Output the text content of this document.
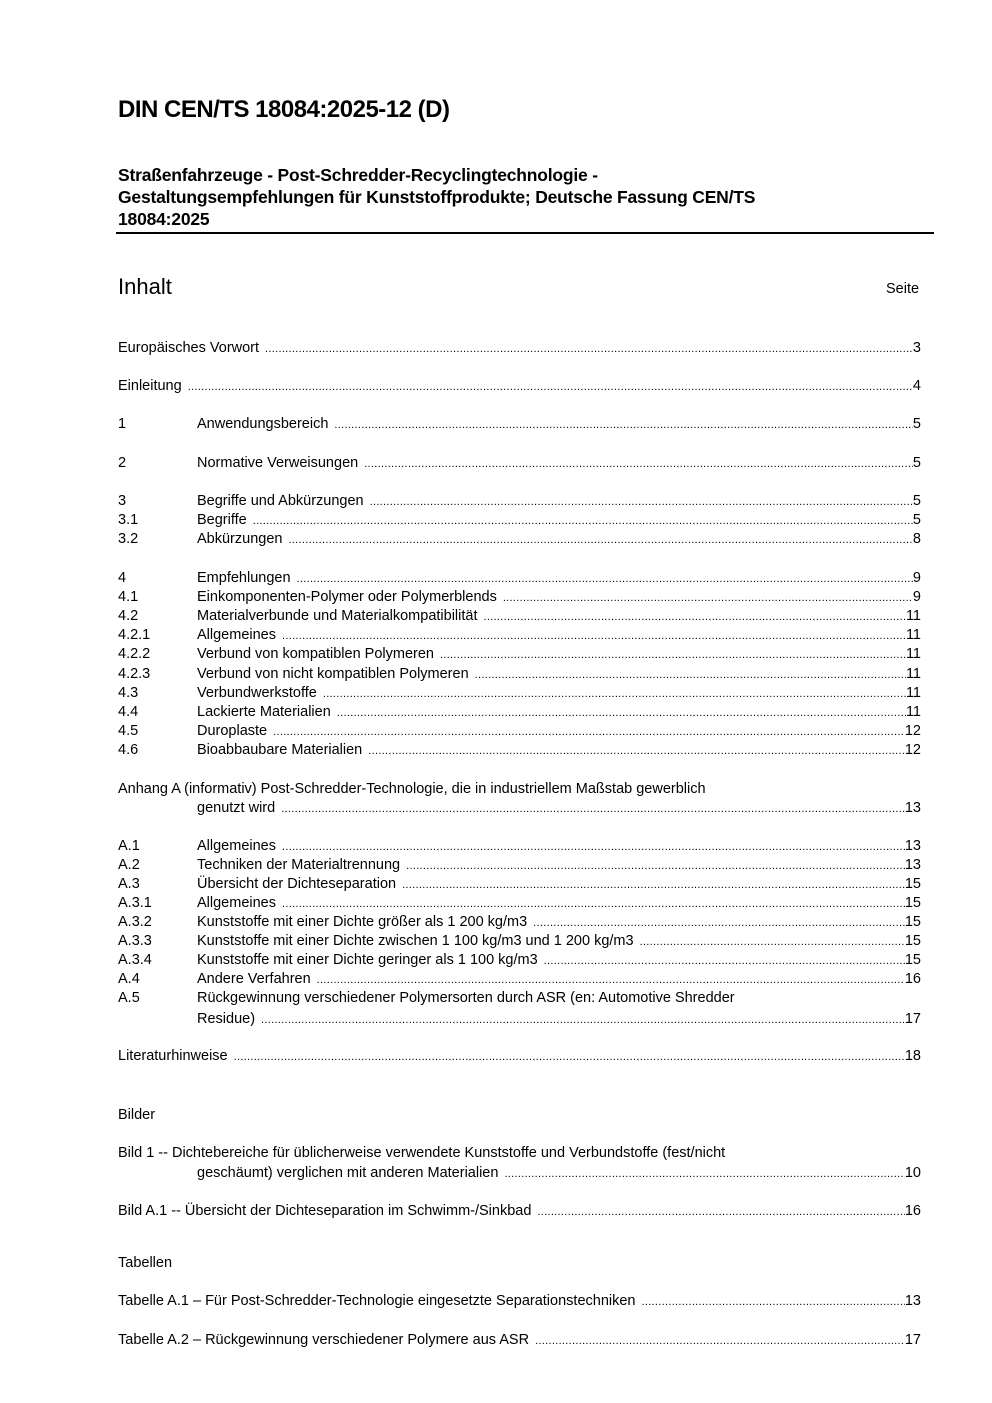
DIN CEN/TS 18084:2025-12 (D)
Straßenfahrzeuge - Post-Schredder-Recyclingtechnologie -
Gestaltungsempfehlungen für Kunststoffprodukte; Deutsche Fassung CEN/TS
18084:2025
Inhalt	Seite
Europäisches Vorwort .....	3
Einleitung .....	4
1	Anwendungsbereich .....	5
2	Normative Verweisungen .....	5
3	Begriffe und Abkürzungen .....	5
3.1	Begriffe .....	5
3.2	Abkürzungen .....	8
4	Empfehlungen .....	9
4.1	Einkomponenten-Polymer oder Polymerblends .....	9
4.2	Materialverbunde und Materialkompatibilität .....	11
4.2.1	Allgemeines .....	11
4.2.2	Verbund von kompatiblen Polymeren .....	11
4.2.3	Verbund von nicht kompatiblen Polymeren .....	11
4.3	Verbundwerkstoffe .....	11
4.4	Lackierte Materialien .....	11
4.5	Duroplaste .....	12
4.6	Bioabbaubare Materialien .....	12
Anhang A (informativ) Post-Schredder-Technologie, die in industriellem Maßstab gewerblich
genutzt wird .....	13
A.1	Allgemeines .....	13
A.2	Techniken der Materialtrennung .....	13
A.3	Übersicht der Dichteseparation .....	15
A.3.1	Allgemeines .....	15
A.3.2	Kunststoffe mit einer Dichte größer als 1 200 kg/m3 .....	15
A.3.3	Kunststoffe mit einer Dichte zwischen 1 100 kg/m3 und 1 200 kg/m3 .....	15
A.3.4	Kunststoffe mit einer Dichte geringer als 1 100 kg/m3 .....	15
A.4	Andere Verfahren .....	16
A.5	Rückgewinnung verschiedener Polymersorten durch ASR (en: Automotive Shredder
Residue) .....	17
Literaturhinweise .....	18
Bilder
Bild 1 -- Dichtebereiche für üblicherweise verwendete Kunststoffe und Verbundstoffe (fest/nicht
geschäumt) verglichen mit anderen Materialien .....	10
Bild A.1 -- Übersicht der Dichteseparation im Schwimm-/Sinkbad .....	16
Tabellen
Tabelle A.1 – Für Post-Schredder-Technologie eingesetzte Separationstechniken .....	13
Tabelle A.2 – Rückgewinnung verschiedener Polymere aus ASR .....	17
